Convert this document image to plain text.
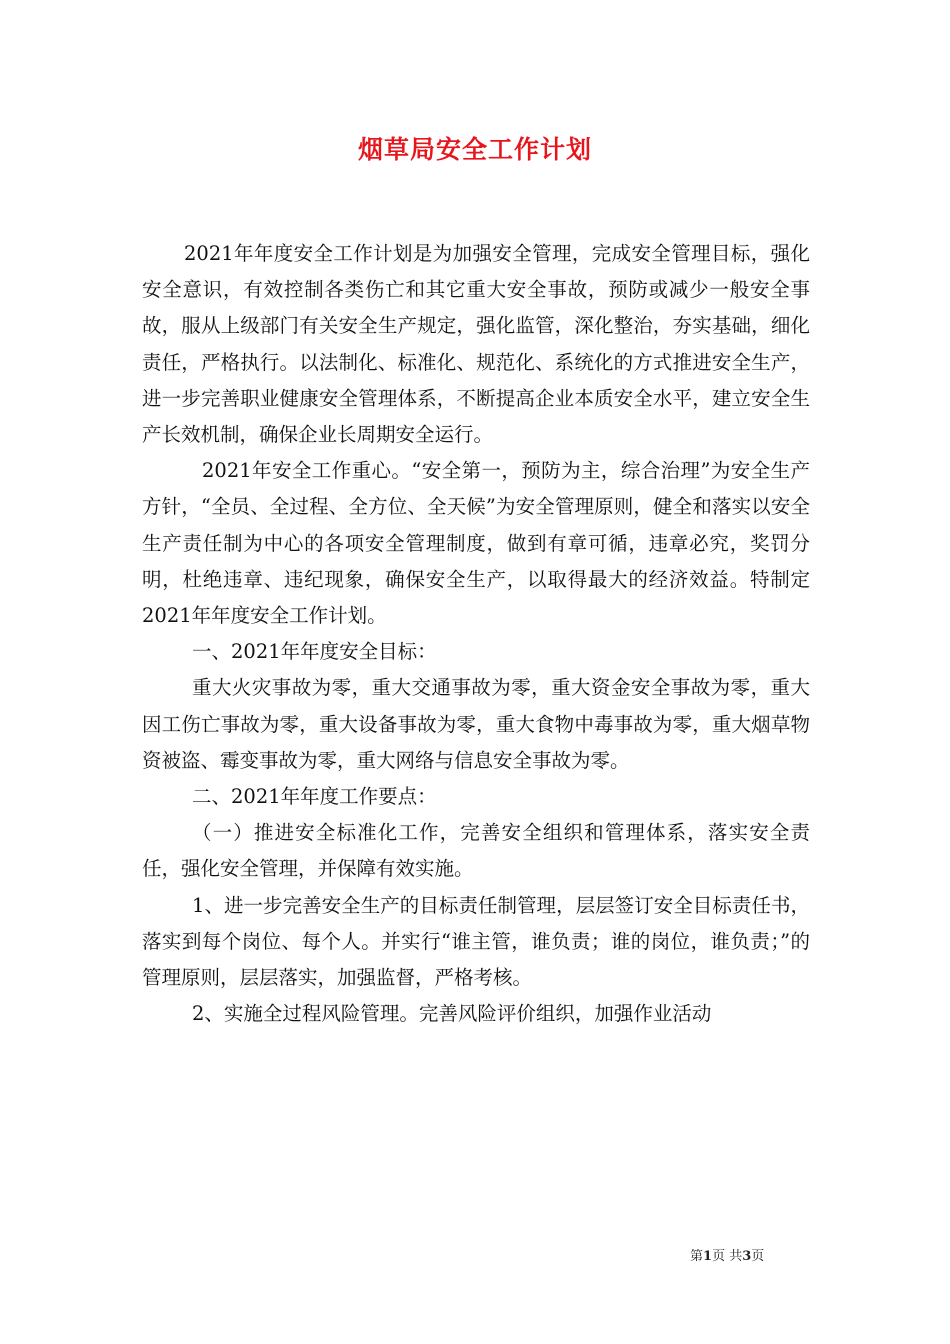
烟草局安全工作计划

2021年年度安全工作计划是为加强安全管理，完成安全管理目标，强化安全意识，有效控制各类伤亡和其它重大安全事故，预防或减少一般安全事故，服从上级部门有关安全生产规定，强化监管，深化整治，夯实基础，细化责任，严格执行。以法制化、标准化、规范化、系统化的方式推进安全生产，进一步完善职业健康安全管理体系，不断提高企业本质安全水平，建立安全生产长效机制，确保企业长周期安全运行。

2021年安全工作重心。“安全第一，预防为主，综合治理”为安全生产方针，“全员、全过程、全方位、全天候”为安全管理原则，健全和落实以安全生产责任制为中心的各项安全管理制度，做到有章可循，违章必究，奖罚分明，杜绝违章、违纪现象，确保安全生产，以取得最大的经济效益。特制定2021年年度安全工作计划。

一、2021年年度安全目标：

重大火灾事故为零，重大交通事故为零，重大资金安全事故为零，重大因工伤亡事故为零，重大设备事故为零，重大食物中毒事故为零，重大烟草物资被盗、霉变事故为零，重大网络与信息安全事故为零。

二、2021年年度工作要点：

（一）推进安全标准化工作，完善安全组织和管理体系，落实安全责任，强化安全管理，并保障有效实施。

1、进一步完善安全生产的目标责任制管理，层层签订安全目标责任书，落实到每个岗位、每个人。并实行“谁主管，谁负责；谁的岗位，谁负责；”的管理原则，层层落实，加强监督，严格考核。

2、实施全过程风险管理。完善风险评价组织，加强作业活动

第1页 共3页
